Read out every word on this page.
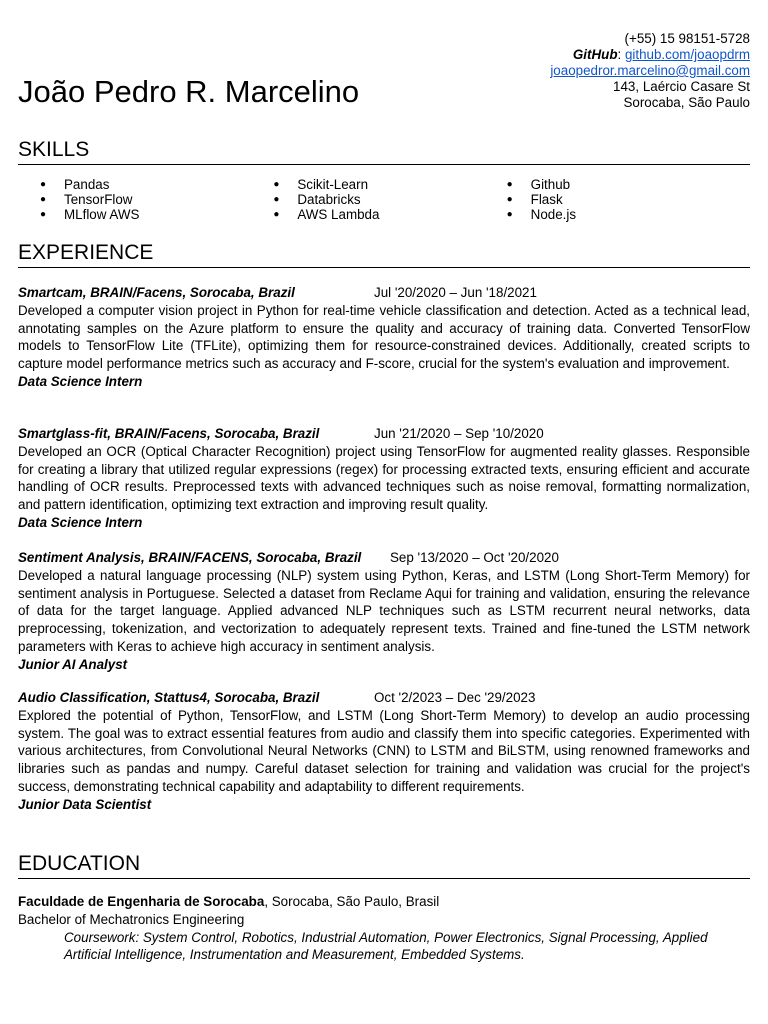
(+55) 15 98151-5728
GitHub: github.com/joaopdrm
joaopedror.marcelino@gmail.com
143, Laércio Casare St
Sorocaba, São Paulo
João Pedro R. Marcelino
SKILLS
● Pandas
● TensorFlow
● MLflow AWS
● Scikit-Learn
● Databricks
● AWS Lambda
● Github
● Flask
● Node.js
EXPERIENCE
Smartcam, BRAIN/Facens, Sorocaba, Brazil	Jul '20/2020 – Jun '18/2021
Developed a computer vision project in Python for real-time vehicle classification and detection. Acted as a technical lead, annotating samples on the Azure platform to ensure the quality and accuracy of training data. Converted TensorFlow models to TensorFlow Lite (TFLite), optimizing them for resource-constrained devices. Additionally, created scripts to capture model performance metrics such as accuracy and F-score, crucial for the system's evaluation and improvement.
Data Science Intern
Smartglass-fit, BRAIN/Facens, Sorocaba, Brazil	Jun '21/2020 – Sep '10/2020
Developed an OCR (Optical Character Recognition) project using TensorFlow for augmented reality glasses. Responsible for creating a library that utilized regular expressions (regex) for processing extracted texts, ensuring efficient and accurate handling of OCR results. Preprocessed texts with advanced techniques such as noise removal, formatting normalization, and pattern identification, optimizing text extraction and improving result quality.
Data Science Intern
Sentiment Analysis, BRAIN/FACENS, Sorocaba, Brazil Sep '13/2020 – Oct '20/2020
Developed a natural language processing (NLP) system using Python, Keras, and LSTM (Long Short-Term Memory) for sentiment analysis in Portuguese. Selected a dataset from Reclame Aqui for training and validation, ensuring the relevance of data for the target language. Applied advanced NLP techniques such as LSTM recurrent neural networks, data preprocessing, tokenization, and vectorization to adequately represent texts. Trained and fine-tuned the LSTM network parameters with Keras to achieve high accuracy in sentiment analysis.
Junior AI Analyst
Audio Classification, Stattus4, Sorocaba, Brazil	Oct '2/2023 – Dec '29/2023
Explored the potential of Python, TensorFlow, and LSTM (Long Short-Term Memory) to develop an audio processing system. The goal was to extract essential features from audio and classify them into specific categories. Experimented with various architectures, from Convolutional Neural Networks (CNN) to LSTM and BiLSTM, using renowned frameworks and libraries such as pandas and numpy. Careful dataset selection for training and validation was crucial for the project's success, demonstrating technical capability and adaptability to different requirements.
Junior Data Scientist
EDUCATION
Faculdade de Engenharia de Sorocaba, Sorocaba, São Paulo, Brasil
Bachelor of Mechatronics Engineering
Coursework: System Control, Robotics, Industrial Automation, Power Electronics, Signal Processing, Applied Artificial Intelligence, Instrumentation and Measurement, Embedded Systems.
